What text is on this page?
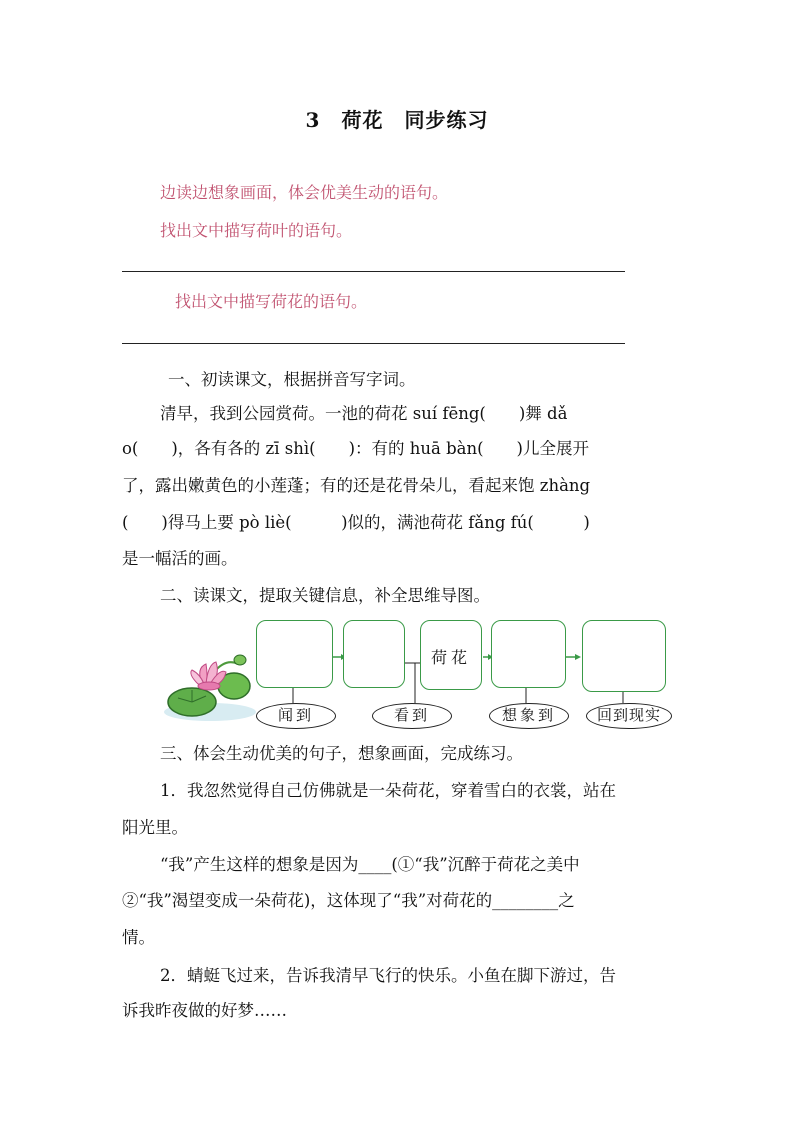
3　荷花　同步练习
边读边想象画面，体会优美生动的语句。
找出文中描写荷叶的语句。
找出文中描写荷花的语句。
一、初读课文，根据拼音写字词。
清早，我到公园赏荷。一池的荷花 suí fēng(　　)舞 dǎ
o(　　)，各有各的 zī shì(　　)：有的 huā bàn(　　)儿全展开
了，露出嫩黄色的小莲蓬；有的还是花骨朵儿，看起来饱 zhàng
(　　)得马上要 pò liè(　　　)似的，满池荷花 fǎng fú(　　　)
是一幅活的画。
二、读课文，提取关键信息，补全思维导图。
荷花
闻到	看到	想象到	回到现实
三、体会生动优美的句子，想象画面，完成练习。
1．我忽然觉得自己仿佛就是一朵荷花，穿着雪白的衣裳，站在
阳光里。
“我”产生这样的想象是因为____(①“我”沉醉于荷花之美中
②“我”渴望变成一朵荷花)，这体现了“我”对荷花的________之
情。
2．蜻蜓飞过来，告诉我清早飞行的快乐。小鱼在脚下游过，告
诉我昨夜做的好梦……
